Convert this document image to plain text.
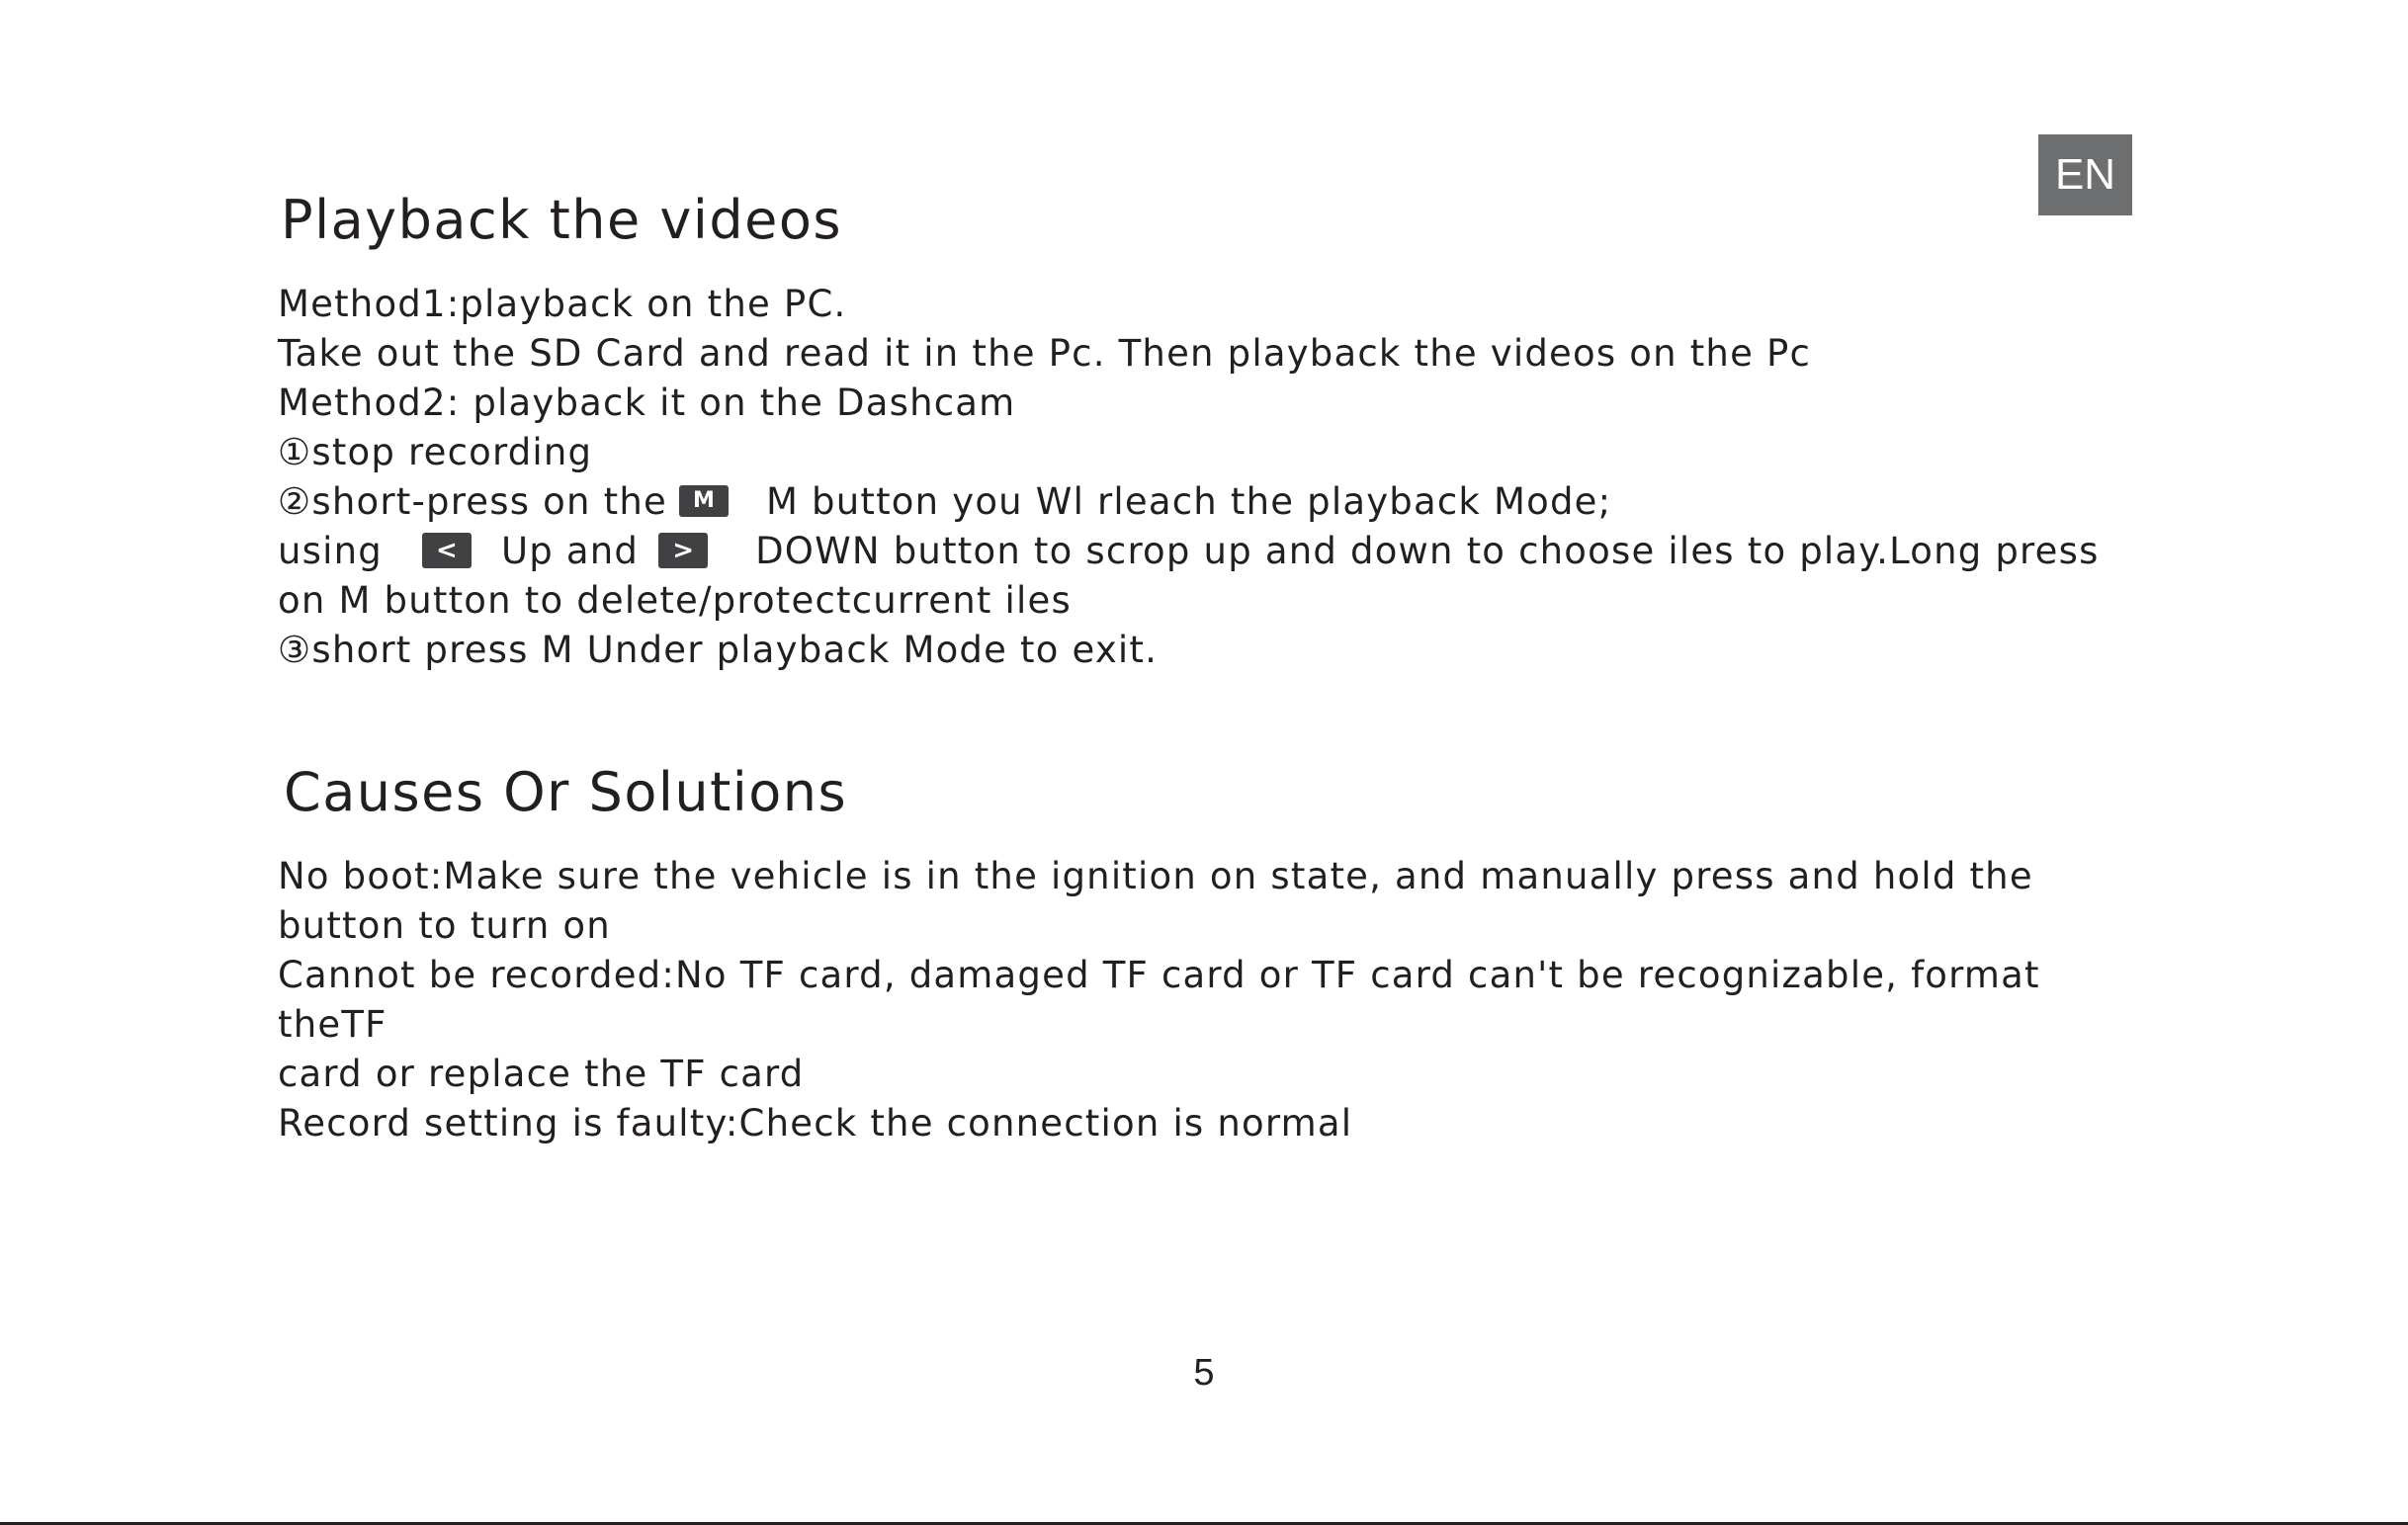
EN
Playback the videos
Method1:playback on the PC.
Take out the SD Card and read it in the Pc. Then playback the videos on the Pc
Method2: playback it on the Dashcam
①stop recording
②short-press on the M M button you Wl rleach the playback Mode;
using < Up and > DOWN button to scrop up and down to choose iles to play.Long press
on M button to delete/protectcurrent iles
③short press M Under playback Mode to exit.
Causes Or Solutions
No boot:Make sure the vehicle is in the ignition on state, and manually press and hold the
button to turn on
Cannot be recorded:No TF card, damaged TF card or TF card can't be recognizable, format
theTF
card or replace the TF card
Record setting is faulty:Check the connection is normal
5
